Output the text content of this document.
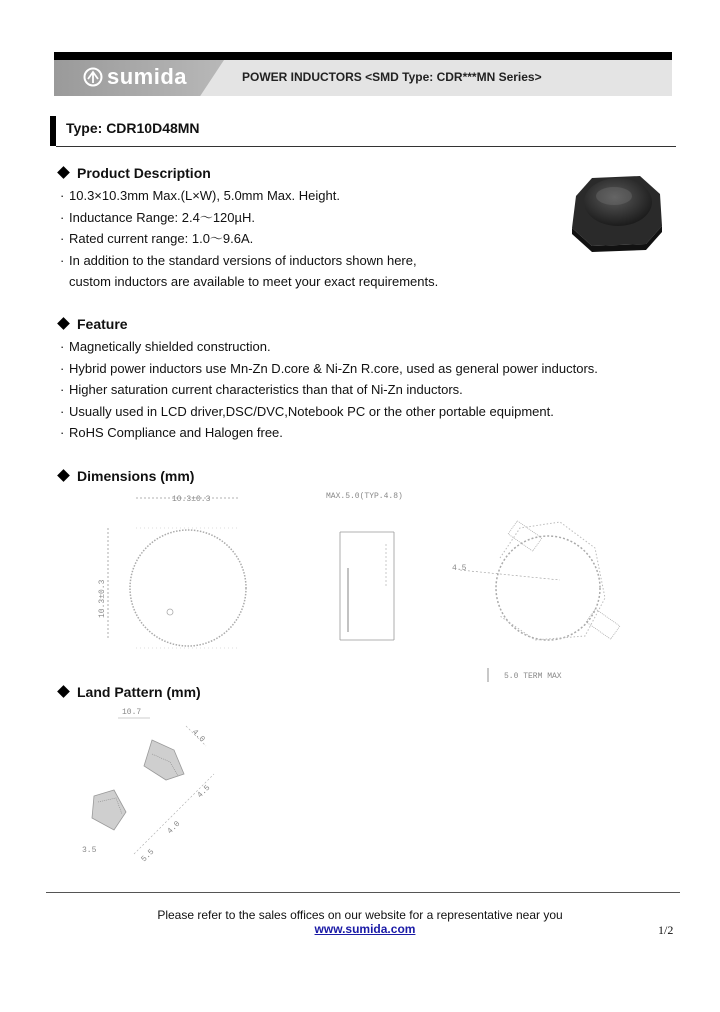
sumida	POWER INDUCTORS <SMD Type: CDR***MN Series>
Type: CDR10D48MN
Product Description
· 10.3×10.3mm Max.(L×W), 5.0mm Max. Height.
· Inductance Range: 2.4～120µH.
· Rated current range: 1.0～9.6A.
· In addition to the standard versions of inductors shown here,
custom inductors are available to meet your exact requirements.
Feature
· Magnetically shielded construction.
· Hybrid power inductors use Mn-Zn D.core & Ni-Zn R.core, used as general power inductors.
· Higher saturation current characteristics than that of Ni-Zn inductors.
· Usually used in LCD driver,DSC/DVC,Notebook PC or the other portable equipment.
· RoHS Compliance and Halogen free.
Dimensions (mm)
10.3±0.3
10.3±0.3
MAX.5.0(TYP.4.8)
4.5
5.0 TERM MAX
Land Pattern (mm)
10.7
4.0
4.5
4.0
5.5
3.5
Please refer to the sales offices on our website for a representative near you
www.sumida.com	1/2
